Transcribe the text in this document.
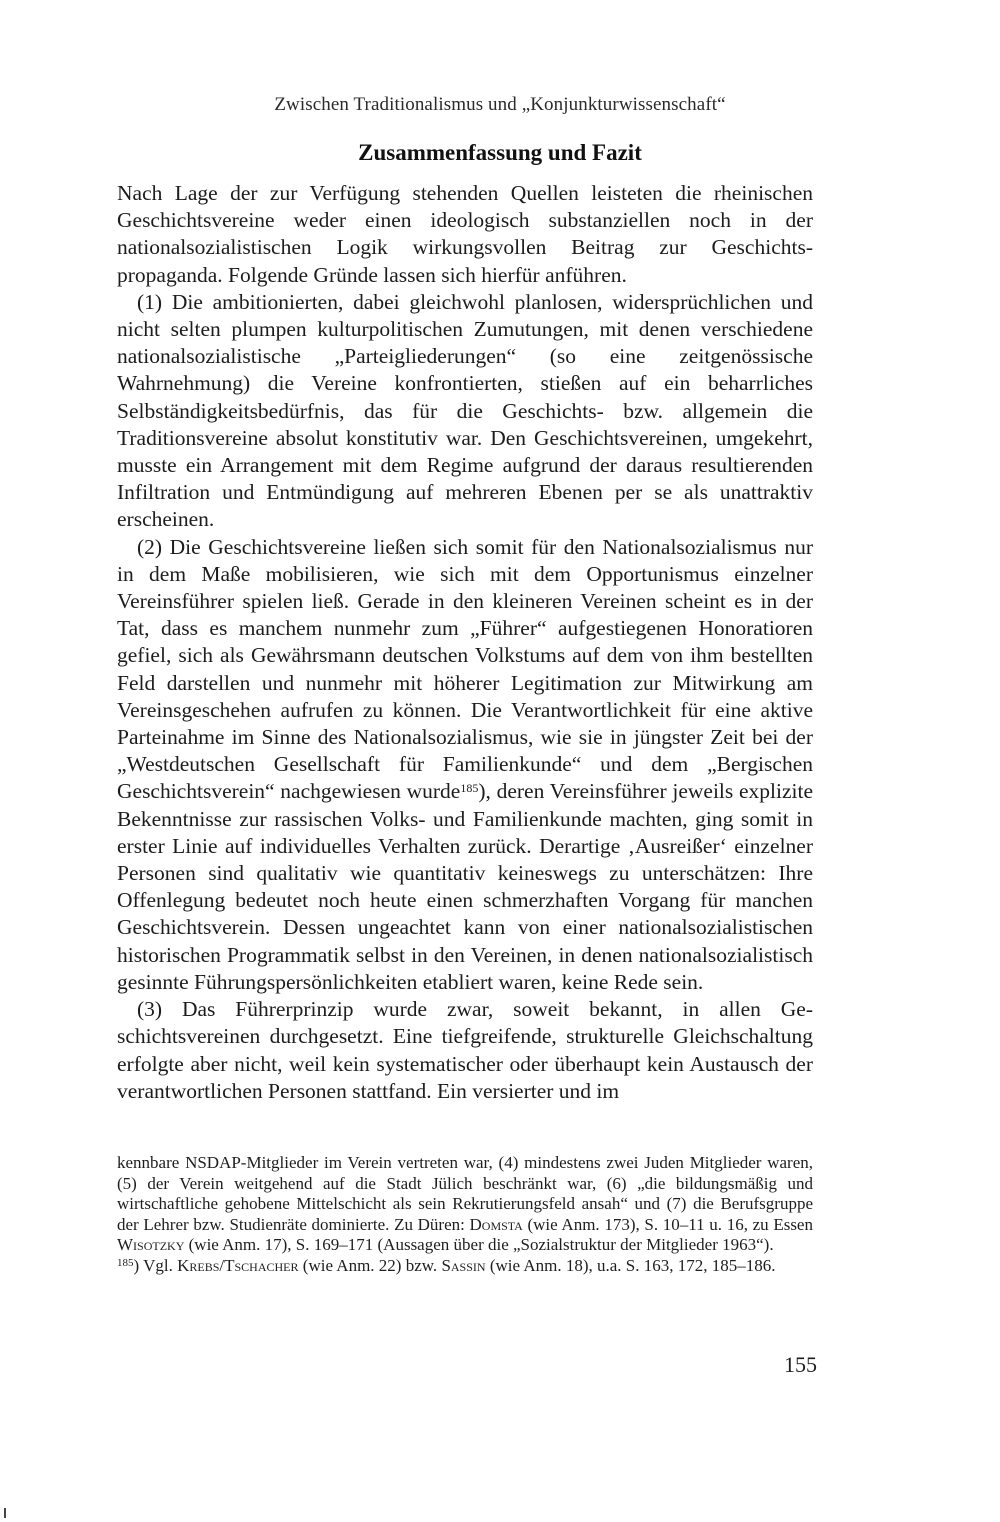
Zwischen Traditionalismus und „Konjunkturwissenschaft“
Zusammenfassung und Fazit

Nach Lage der zur Verfügung stehenden Quellen leisteten die rheinischen Geschichtsvereine weder einen ideologisch substanziellen noch in der nationalsozialistischen Logik wirkungsvollen Beitrag zur Geschichtspropaganda. Folgende Gründe lassen sich hierfür anführen.

(1) Die ambitionierten, dabei gleichwohl planlosen, widersprüchlichen und nicht selten plumpen kulturpolitischen Zumutungen, mit denen verschiedene nationalsozialistische „Parteigliederungen“ (so eine zeitgenössische Wahrnehmung) die Vereine konfrontierten, stießen auf ein beharrliches Selbständigkeitsbedürfnis, das für die Geschichts- bzw. allgemein die Traditionsvereine absolut konstitutiv war. Den Geschichtsvereinen, umgekehrt, musste ein Arrangement mit dem Regime aufgrund der daraus resultierenden Infiltration und Entmündigung auf mehreren Ebenen per se als unattraktiv erscheinen.

(2) Die Geschichtsvereine ließen sich somit für den Nationalsozialismus nur in dem Maße mobilisieren, wie sich mit dem Opportunismus einzelner Vereinsführer spielen ließ. Gerade in den kleineren Vereinen scheint es in der Tat, dass es manchem nunmehr zum „Führer“ aufgestiegenen Honoratioren gefiel, sich als Gewährsmann deutschen Volkstums auf dem von ihm bestellten Feld darstellen und nunmehr mit höherer Legitimation zur Mitwirkung am Vereinsgeschehen aufrufen zu können. Die Verantwortlichkeit für eine aktive Parteinahme im Sinne des Nationalsozialismus, wie sie in jüngster Zeit bei der „Westdeutschen Gesellschaft für Familienkunde“ und dem „Bergischen Geschichtsverein“ nachgewiesen wurde$^{185}$), deren Vereinsführer jeweils explizite Bekenntnisse zur rassischen Volks- und Familienkunde machten, ging somit in erster Linie auf individuelles Verhalten zurück. Derartige ‚Ausreißer‘ einzelner Personen sind qualitativ wie quantitativ keineswegs zu unterschätzen: Ihre Offenlegung bedeutet noch heute einen schmerzhaften Vorgang für manchen Geschichtsverein. Dessen ungeachtet kann von einer nationalsozialistischen historischen Programmatik selbst in den Vereinen, in denen nationalsozialistisch gesinnte Führungspersönlichkeiten etabliert waren, keine Rede sein.

(3) Das Führerprinzip wurde zwar, soweit bekannt, in allen Geschichtsvereinen durchgesetzt. Eine tiefgreifende, strukturelle Gleichschaltung erfolgte aber nicht, weil kein systematischer oder überhaupt kein Austausch der verantwortlichen Personen stattfand. Ein versierter und im

kennbare NSDAP-Mitglieder im Verein vertreten war, (4) mindestens zwei Juden Mitglieder waren, (5) der Verein weitgehend auf die Stadt Jülich beschränkt war, (6) „die bildungsmäßig und wirtschaftliche gehobene Mittelschicht als sein Rekrutierungsfeld ansah“ und (7) die Berufsgruppe der Lehrer bzw. Studienräte dominierte. Zu Düren: Domsta (wie Anm. 173), S. 10–11 u. 16, zu Essen Wisotzky (wie Anm. 17), S. 169–171 (Aussagen über die „Sozialstruktur der Mitglieder 1963“).

$^{185}$) Vgl. Krebs/Tschacher (wie Anm. 22) bzw. Sassin (wie Anm. 18), u.a. S. 163, 172, 185–186.

155
